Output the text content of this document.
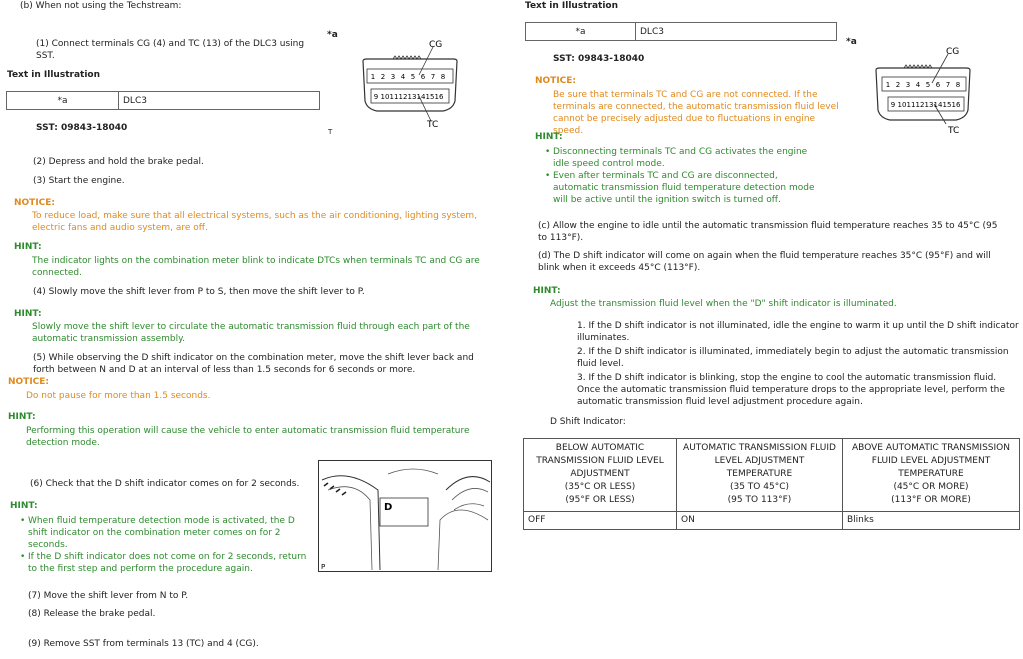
(b) When not using the Techstream:
(1) Connect terminals CG (4) and TC (13) of the DLC3 using SST.
*a
Text in Illustration
*a	DLC3
SST: 09843-18040	T
CG
TC
1 2 3 4 5 6 7 8
9 10 11 12 13 14 15 16
(2) Depress and hold the brake pedal.
(3) Start the engine.
NOTICE:
To reduce load, make sure that all electrical systems, such as the air conditioning, lighting system, electric fans and audio system, are off.
HINT:
The indicator lights on the combination meter blink to indicate DTCs when terminals TC and CG are connected.
(4) Slowly move the shift lever from P to S, then move the shift lever to P.
HINT:
Slowly move the shift lever to circulate the automatic transmission fluid through each part of the automatic transmission assembly.
(5) While observing the D shift indicator on the combination meter, move the shift lever back and forth between N and D at an interval of less than 1.5 seconds for 6 seconds or more.
NOTICE:
Do not pause for more than 1.5 seconds.
HINT:
Performing this operation will cause the vehicle to enter automatic transmission fluid temperature detection mode.
(6) Check that the D shift indicator comes on for 2 seconds.
D
P
HINT:
• When fluid temperature detection mode is activated, the D shift indicator on the combination meter comes on for 2 seconds.
• If the D shift indicator does not come on for 2 seconds, return to the first step and perform the procedure again.
(7) Move the shift lever from N to P.
(8) Release the brake pedal.
(9) Remove SST from terminals 13 (TC) and 4 (CG).
Text in Illustration
*a	DLC3
SST: 09843-18040
*a
CG
TC
1 2 3 4 5 6 7 8
9 10 11 12 13 14 15 16
NOTICE:
Be sure that terminals TC and CG are not connected. If the terminals are connected, the automatic transmission fluid level cannot be precisely adjusted due to fluctuations in engine speed.
HINT:
• Disconnecting terminals TC and CG activates the engine idle speed control mode.
• Even after terminals TC and CG are disconnected, automatic transmission fluid temperature detection mode will be active until the ignition switch is turned off.
(c) Allow the engine to idle until the automatic transmission fluid temperature reaches 35 to 45°C (95 to 113°F).
(d) The D shift indicator will come on again when the fluid temperature reaches 35°C (95°F) and will blink when it exceeds 45°C (113°F).
HINT:
Adjust the transmission fluid level when the "D" shift indicator is illuminated.
1. If the D shift indicator is not illuminated, idle the engine to warm it up until the D shift indicator illuminates.
2. If the D shift indicator is illuminated, immediately begin to adjust the automatic transmission fluid level.
3. If the D shift indicator is blinking, stop the engine to cool the automatic transmission fluid. Once the automatic transmission fluid temperature drops to the appropriate level, perform the automatic transmission fluid level adjustment procedure again.
D Shift Indicator:
BELOW AUTOMATIC
TRANSMISSION FLUID LEVEL
ADJUSTMENT
(35°C OR LESS)
(95°F OR LESS)	AUTOMATIC TRANSMISSION FLUID
LEVEL ADJUSTMENT TEMPERATURE
(35 TO 45°C)
(95 TO 113°F)	ABOVE AUTOMATIC TRANSMISSION
FLUID LEVEL ADJUSTMENT
TEMPERATURE
(45°C OR MORE)
(113°F OR MORE)

OFF	ON	Blinks
